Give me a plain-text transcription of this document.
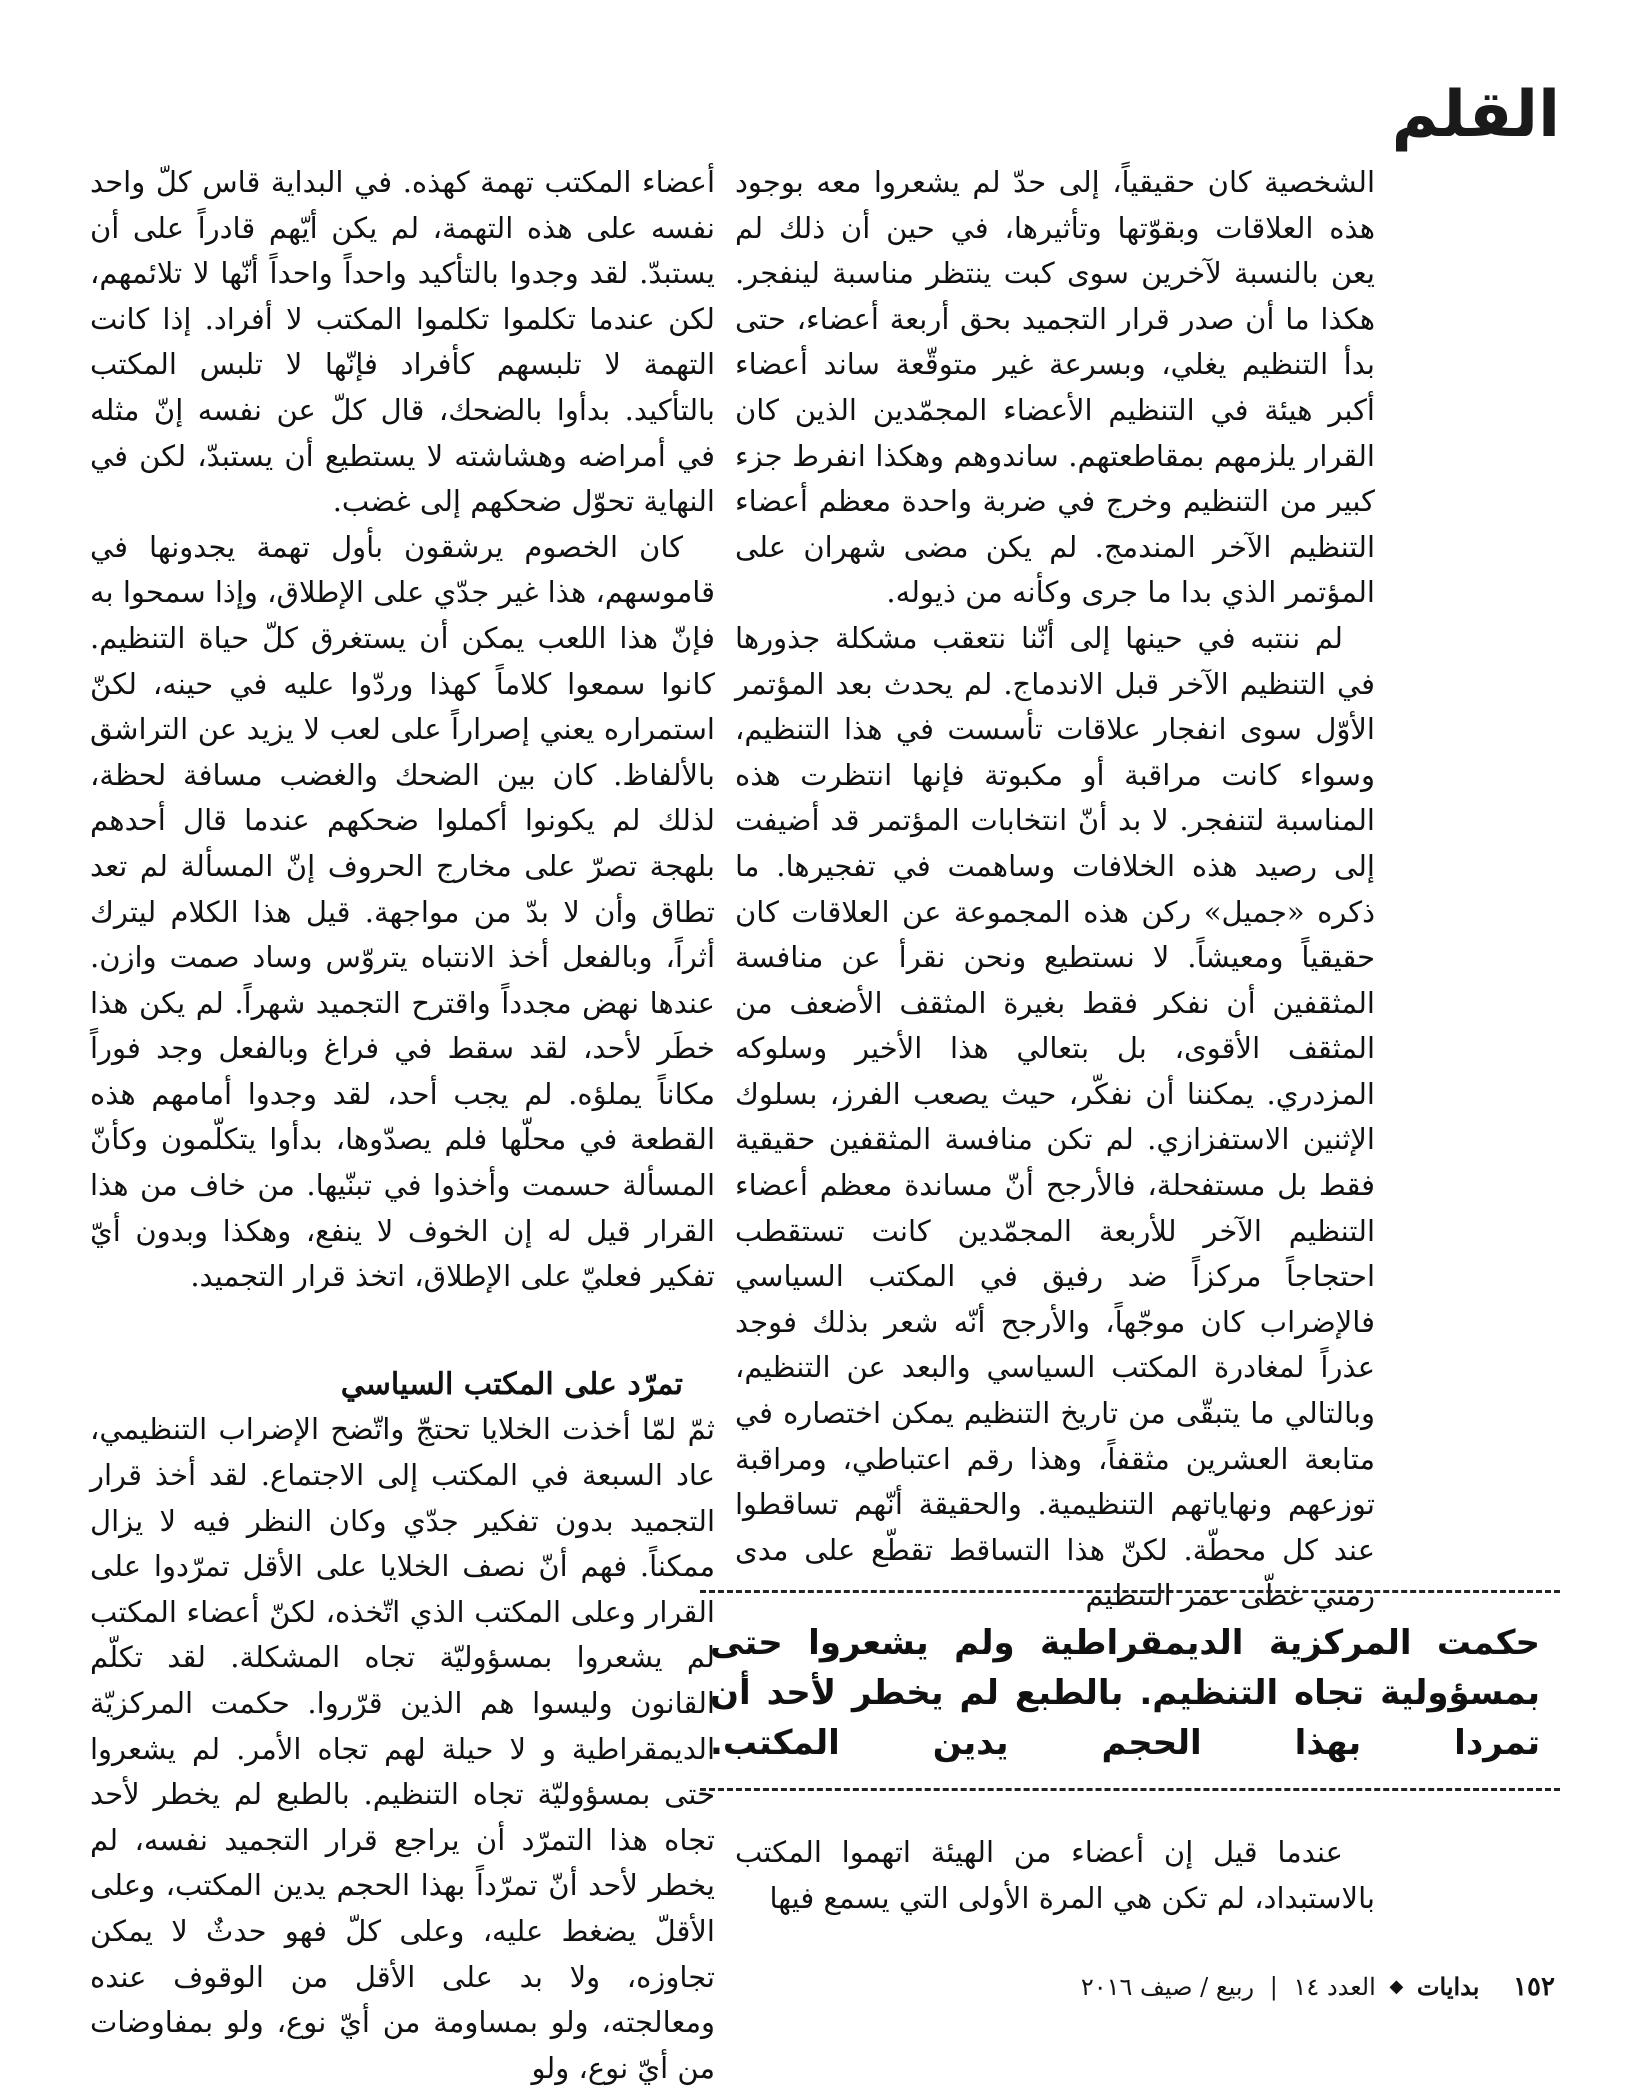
القلم

الشخصية كان حقيقياً، إلى حدّ لم يشعروا معه بوجود هذه العلاقات وبقوّتها وتأثيرها، في حين أن ذلك لم يعن بالنسبة لآخرين سوى كبت ينتظر مناسبة لينفجر. هكذا ما أن صدر قرار التجميد بحق أربعة أعضاء، حتى بدأ التنظيم يغلي، وبسرعة غير متوقّعة ساند أعضاء أكبر هيئة في التنظيم الأعضاء المجمّدين الذين كان القرار يلزمهم بمقاطعتهم. ساندوهم وهكذا انفرط جزء كبير من التنظيم وخرج في ضربة واحدة معظم أعضاء التنظيم الآخر المندمج. لم يكن مضى شهران على المؤتمر الذي بدا ما جرى وكأنه من ذيوله.

لم ننتبه في حينها إلى أنّنا نتعقب مشكلة جذورها في التنظيم الآخر قبل الاندماج. لم يحدث بعد المؤتمر الأوّل سوى انفجار علاقات تأسست في هذا التنظيم، وسواء كانت مراقبة أو مكبوتة فإنها انتظرت هذه المناسبة لتنفجر. لا بد أنّ انتخابات المؤتمر قد أضيفت إلى رصيد هذه الخلافات وساهمت في تفجيرها. ما ذكره «جميل» ركن هذه المجموعة عن العلاقات كان حقيقياً ومعيشاً. لا نستطيع ونحن نقرأ عن منافسة المثقفين أن نفكر فقط بغيرة المثقف الأضعف من المثقف الأقوى، بل بتعالي هذا الأخير وسلوكه المزدري. يمكننا أن نفكّر، حيث يصعب الفرز، بسلوك الإثنين الاستفزازي. لم تكن منافسة المثقفين حقيقية فقط بل مستفحلة، فالأرجح أنّ مساندة معظم أعضاء التنظيم الآخر للأربعة المجمّدين كانت تستقطب احتجاجاً مركزاً ضد رفيق في المكتب السياسي فالإضراب كان موجّهاً، والأرجح أنّه شعر بذلك فوجد عذراً لمغادرة المكتب السياسي والبعد عن التنظيم، وبالتالي ما يتبقّى من تاريخ التنظيم يمكن اختصاره في متابعة العشرين مثقفاً، وهذا رقم اعتباطي، ومراقبة توزعهم ونهاياتهم التنظيمية. والحقيقة أنّهم تساقطوا عند كل محطّة. لكنّ هذا التساقط تقطّع على مدى زمني غطّى عمر التنظيم

أعضاء المكتب تهمة كهذه. في البداية قاس كلّ واحد نفسه على هذه التهمة، لم يكن أيّهم قادراً على أن يستبدّ. لقد وجدوا بالتأكيد واحداً واحداً أنّها لا تلائمهم، لكن عندما تكلموا تكلموا المكتب لا أفراد. إذا كانت التهمة لا تلبسهم كأفراد فإنّها لا تلبس المكتب بالتأكيد. بدأوا بالضحك، قال كلّ عن نفسه إنّ مثله في أمراضه وهشاشته لا يستطيع أن يستبدّ، لكن في النهاية تحوّل ضحكهم إلى غضب.

كان الخصوم يرشقون بأول تهمة يجدونها في قاموسهم، هذا غير جدّي على الإطلاق، وإذا سمحوا به فإنّ هذا اللعب يمكن أن يستغرق كلّ حياة التنظيم. كانوا سمعوا كلاماً كهذا وردّوا عليه في حينه، لكنّ استمراره يعني إصراراً على لعب لا يزيد عن التراشق بالألفاظ. كان بين الضحك والغضب مسافة لحظة، لذلك لم يكونوا أكملوا ضحكهم عندما قال أحدهم بلهجة تصرّ على مخارج الحروف إنّ المسألة لم تعد تطاق وأن لا بدّ من مواجهة. قيل هذا الكلام ليترك أثراً، وبالفعل أخذ الانتباه يتروّس وساد صمت وازن. عندها نهض مجدداً واقترح التجميد شهراً. لم يكن هذا خطَر لأحد، لقد سقط في فراغ وبالفعل وجد فوراً مكاناً يملؤه. لم يجب أحد، لقد وجدوا أمامهم هذه القطعة في محلّها فلم يصدّوها، بدأوا يتكلّمون وكأنّ المسألة حسمت وأخذوا في تبنّيها. من خاف من هذا القرار قيل له إن الخوف لا ينفع، وهكذا وبدون أيّ تفكير فعليّ على الإطلاق، اتخذ قرار التجميد.

تمرّد على المكتب السياسي

ثمّ لمّا أخذت الخلايا تحتجّ واتّضح الإضراب التنظيمي، عاد السبعة في المكتب إلى الاجتماع. لقد أخذ قرار التجميد بدون تفكير جدّي وكان النظر فيه لا يزال ممكناً. فهم أنّ نصف الخلايا على الأقل تمرّدوا على القرار وعلى المكتب الذي اتّخذه، لكنّ أعضاء المكتب لم يشعروا بمسؤوليّة تجاه المشكلة. لقد تكلّم القانون وليسوا هم الذين قرّروا. حكمت المركزيّة الديمقراطية و لا حيلة لهم تجاه الأمر. لم يشعروا حتى بمسؤوليّة تجاه التنظيم. بالطبع لم يخطر لأحد تجاه هذا التمرّد أن يراجع قرار التجميد نفسه، لم يخطر لأحد أنّ تمرّداً بهذا الحجم يدين المكتب، وعلى الأقلّ يضغط عليه، وعلى كلّ فهو حدثٌ لا يمكن تجاوزه، ولا بد على الأقل من الوقوف عنده ومعالجته، ولو بمساومة من أيّ نوع، ولو بمفاوضات من أيّ نوع، ولو

حكمت المركزية الديمقراطية ولم يشعروا حتى بمسؤولية تجاه التنظيم. بالطبع لم يخطر لأحد أن تمردا بهذا الحجم يدين المكتب.

عندما قيل إن أعضاء من الهيئة اتهموا المكتب بالاستبداد، لم تكن هي المرة الأولى التي يسمع فيها

١٥٢ بدايات ◆ العدد ١٤ | ربيع / صيف ٢٠١٦
